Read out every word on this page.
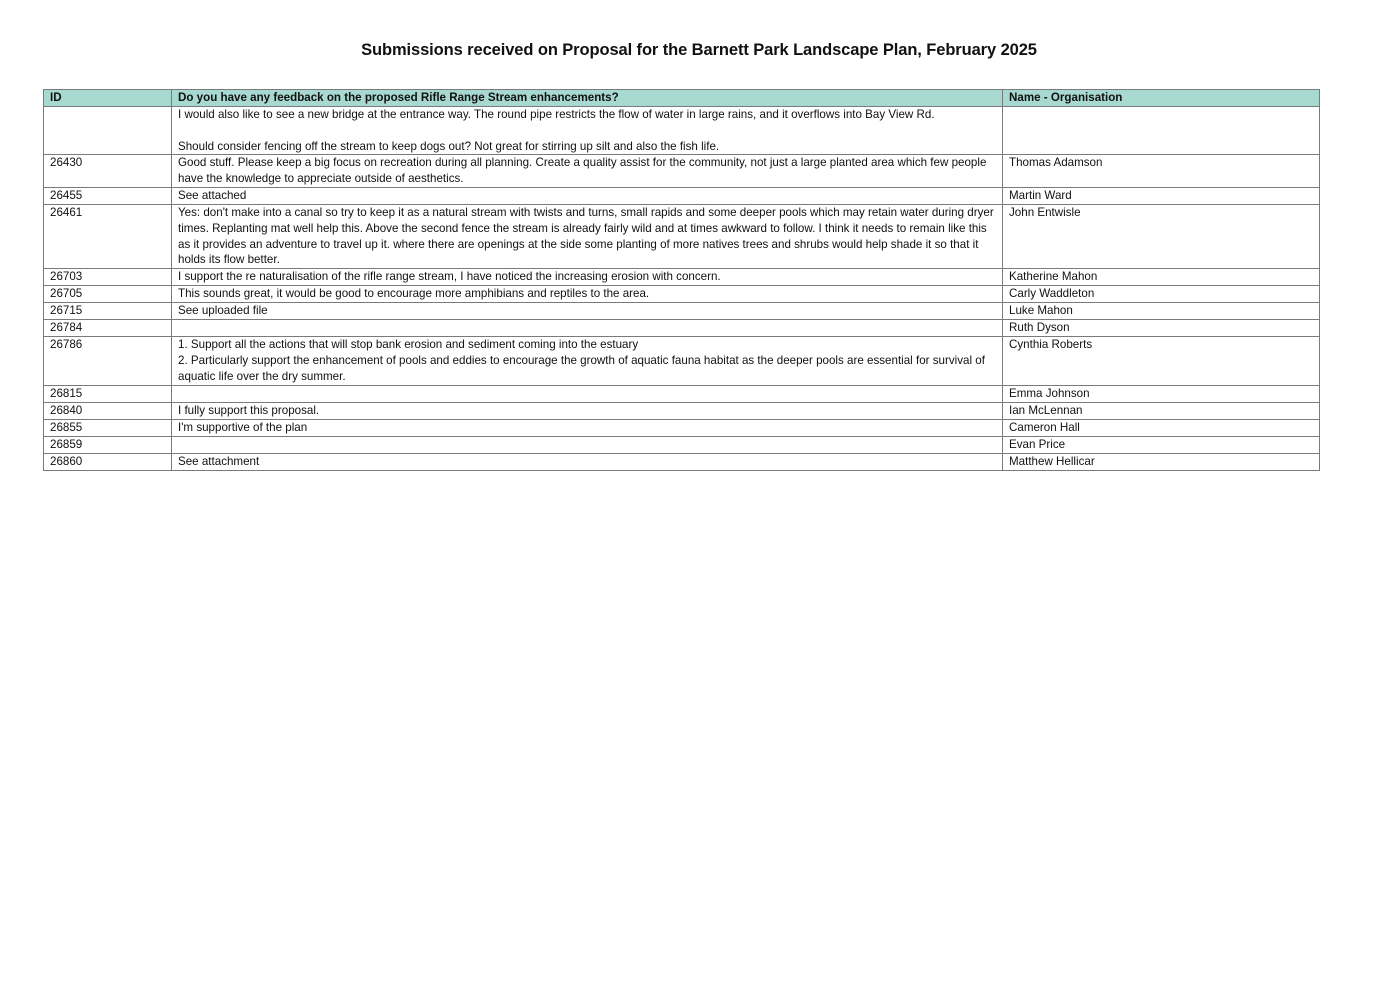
Submissions received on Proposal for the Barnett Park Landscape Plan, February 2025
ID	Do you have any feedback on the proposed Rifle Range Stream enhancements?	Name - Organisation

	I would also like to see a new bridge at the entrance way. The round pipe restricts the flow of water in large rains, and it overflows into Bay View Rd.
Should consider fencing off the stream to keep dogs out? Not great for stirring up silt and also the fish life.	

26430	Good stuff. Please keep a big focus on recreation during all planning. Create a quality assist for the community, not just a large planted area which few people have the knowledge to appreciate outside of aesthetics.	Thomas Adamson
26455	See attached	Martin Ward
26461	Yes: don't make into a canal so try to keep it as a natural stream with twists and turns, small rapids and some deeper pools which may retain water during dryer times. Replanting mat well help this. Above the second fence the stream is already fairly wild and at times awkward to follow. I think it needs to remain like this as it provides an adventure to travel up it. where there are openings at the side some planting of more natives trees and shrubs would help shade it so that it holds its flow better.	John Entwisle
26703	I support the re naturalisation of the rifle range stream, I have noticed the increasing erosion with concern.	Katherine Mahon
26705	This sounds great, it would be good to encourage more amphibians and reptiles to the area.	Carly Waddleton
26715	See uploaded file	Luke Mahon
26784		Ruth Dyson
26786	1. Support all the actions that will stop bank erosion and sediment coming into the estuary
2. Particularly support the enhancement of pools and eddies to encourage the growth of aquatic fauna habitat as the deeper pools are essential for survival of aquatic life over the dry summer.	Cynthia Roberts
26815		Emma Johnson
26840	I fully support this proposal.	Ian McLennan
26855	I'm supportive of the plan	Cameron Hall
26859		Evan Price
26860	See attachment	Matthew Hellicar
